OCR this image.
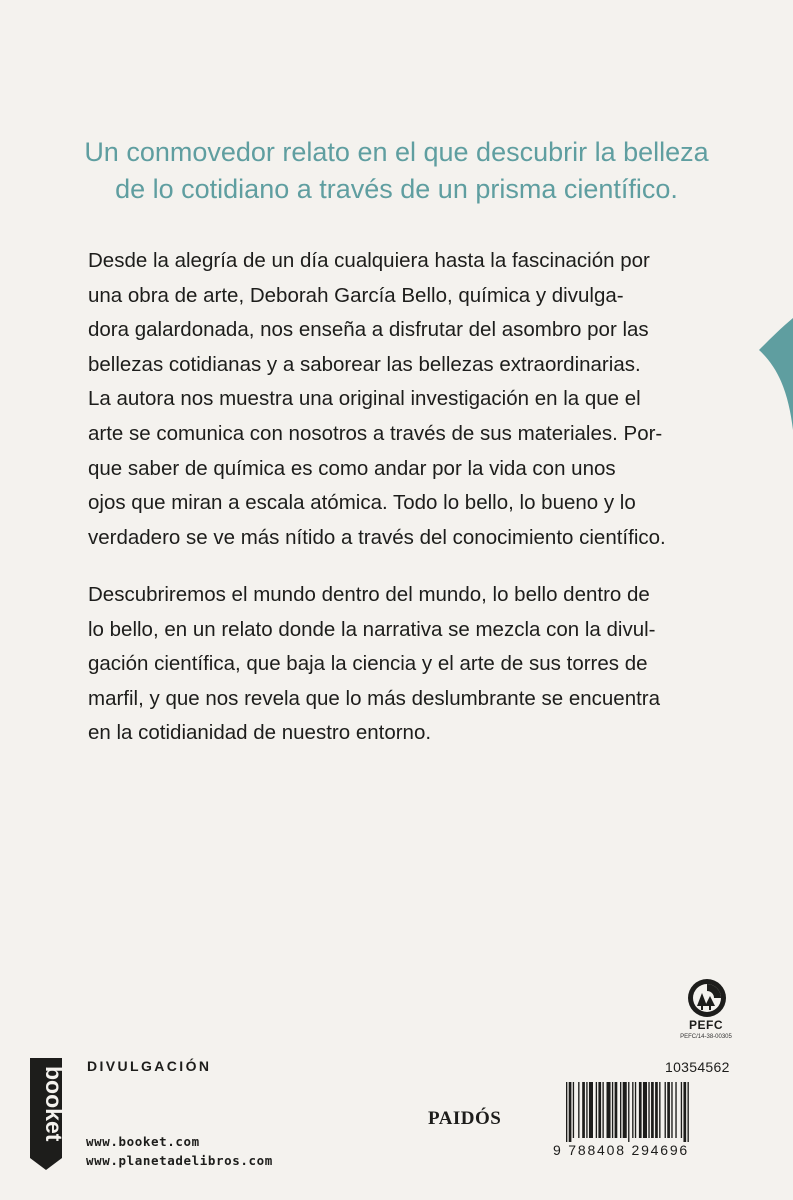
Un conmovedor relato en el que descubrir la belleza
de lo cotidiano a través de un prisma científico.

Desde la alegría de un día cualquiera hasta la fascinación por
una obra de arte, Deborah García Bello, química y divulga-
dora galardonada, nos enseña a disfrutar del asombro por las
bellezas cotidianas y a saborear las bellezas extraordinarias.
La autora nos muestra una original investigación en la que el
arte se comunica con nosotros a través de sus materiales. Por-
que saber de química es como andar por la vida con unos
ojos que miran a escala atómica. Todo lo bello, lo bueno y lo
verdadero se ve más nítido a través del conocimiento científico.

Descubriremos el mundo dentro del mundo, lo bello dentro de
lo bello, en un relato donde la narrativa se mezcla con la divul-
gación científica, que baja la ciencia y el arte de sus torres de
marfil, y que nos revela que lo más deslumbrante se encuentra
en la cotidianidad de nuestro entorno.

PEFC
PEFC/14-38-00305
DIVULGACIÓN
booket
www.booket.com
www.planetadelibros.com
PAIDÓS
10354562
9 788408 294696
